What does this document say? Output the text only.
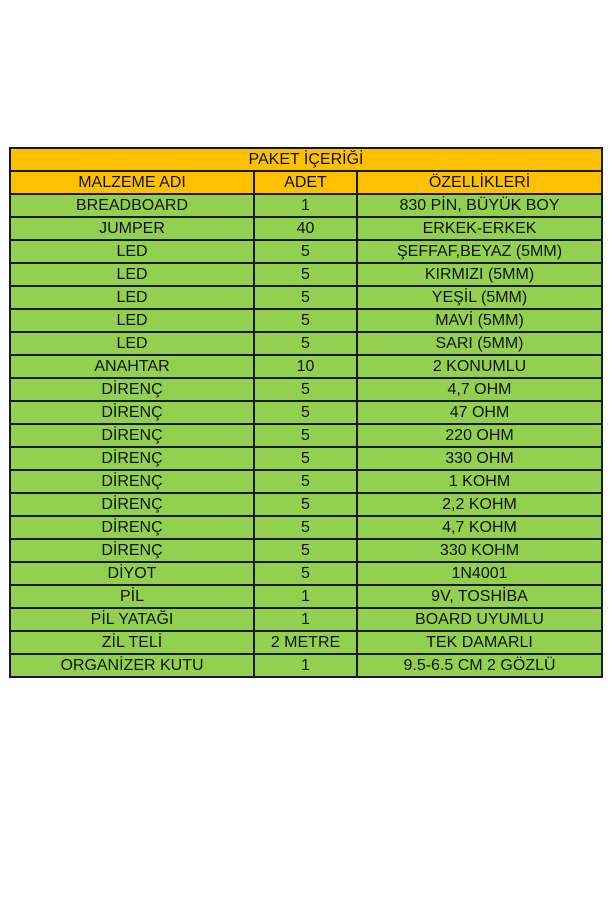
PAKET İÇERİĞİ		
MALZEME ADI	ADET	ÖZELLİKLERİ
BREADBOARD	1	830 PİN, BÜYÜK BOY
JUMPER	40	ERKEK-ERKEK
LED	5	ŞEFFAF,BEYAZ (5MM)
LED	5	KIRMIZI (5MM)
LED	5	YEŞİL (5MM)
LED	5	MAVİ (5MM)
LED	5	SARI (5MM)
ANAHTAR	10	2 KONUMLU
DİRENÇ	5	4,7 OHM
DİRENÇ	5	47 OHM
DİRENÇ	5	220 OHM
DİRENÇ	5	330 OHM
DİRENÇ	5	1 KOHM
DİRENÇ	5	2,2 KOHM
DİRENÇ	5	4,7 KOHM
DİRENÇ	5	330 KOHM
DİYOT	5	1N4001
PİL	1	9V, TOSHİBA
PİL YATAĞI	1	BOARD UYUMLU
ZİL TELİ	2 METRE	TEK DAMARLI
ORGANİZER KUTU	1	9.5-6.5 CM 2 GÖZLÜ
